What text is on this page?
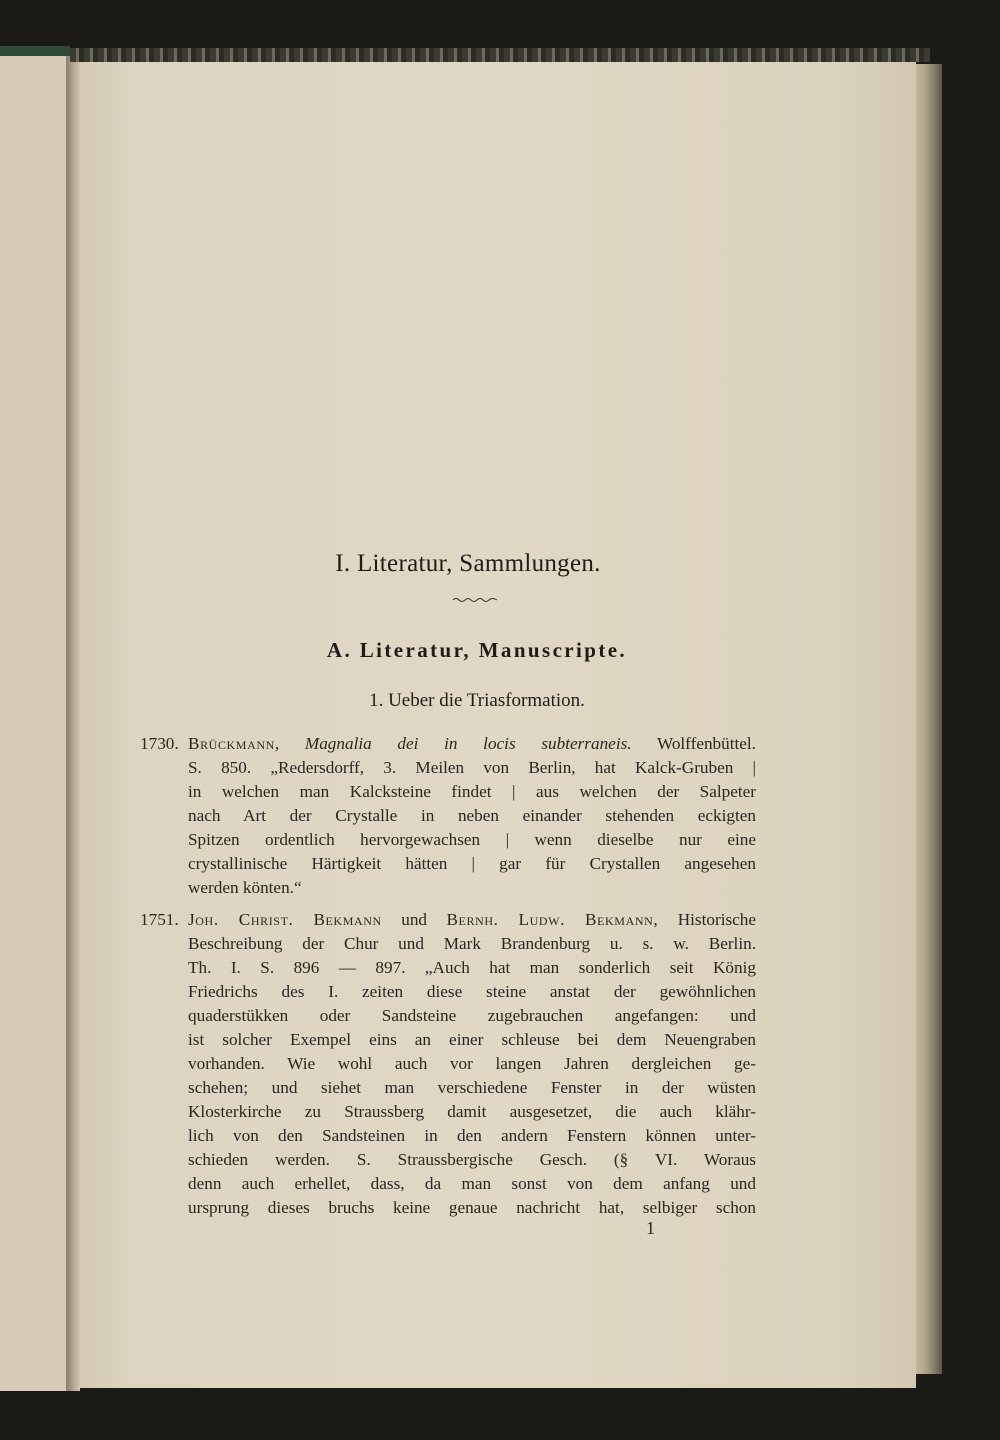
I. Literatur, Sammlungen.
A. Literatur, Manuscripte.
1. Ueber die Triasformation.
1730. Brückmann, Magnalia dei in locis subterraneis. Wolffenbüttel.
S. 850. „Redersdorff, 3. Meilen von Berlin, hat Kalck-Gruben |
in welchen man Kalcksteine findet | aus welchen der Salpeter
nach Art der Crystalle in neben einander stehenden eckigten
Spitzen ordentlich hervorgewachsen | wenn dieselbe nur eine
crystallinische Härtigkeit hätten | gar für Crystallen angesehen
werden könten.“
1751. Joh. Christ. Bekmann und Bernh. Ludw. Bekmann, Historische
Beschreibung der Chur und Mark Brandenburg u. s. w. Berlin.
Th. I. S. 896 — 897. „Auch hat man sonderlich seit König
Friedrichs des I. zeiten diese steine anstat der gewöhnlichen
quaderstükken oder Sandsteine zugebrauchen angefangen: und
ist solcher Exempel eins an einer schleuse bei dem Neuengraben
vorhanden. Wie wohl auch vor langen Jahren dergleichen ge-
schehen; und siehet man verschiedene Fenster in der wüsten
Klosterkirche zu Straussberg damit ausgesetzet, die auch klähr-
lich von den Sandsteinen in den andern Fenstern können unter-
schieden werden. S. Straussbergische Gesch. (§ VI. Woraus
denn auch erhellet, dass, da man sonst von dem anfang und
ursprung dieses bruchs keine genaue nachricht hat, selbiger schon
1
